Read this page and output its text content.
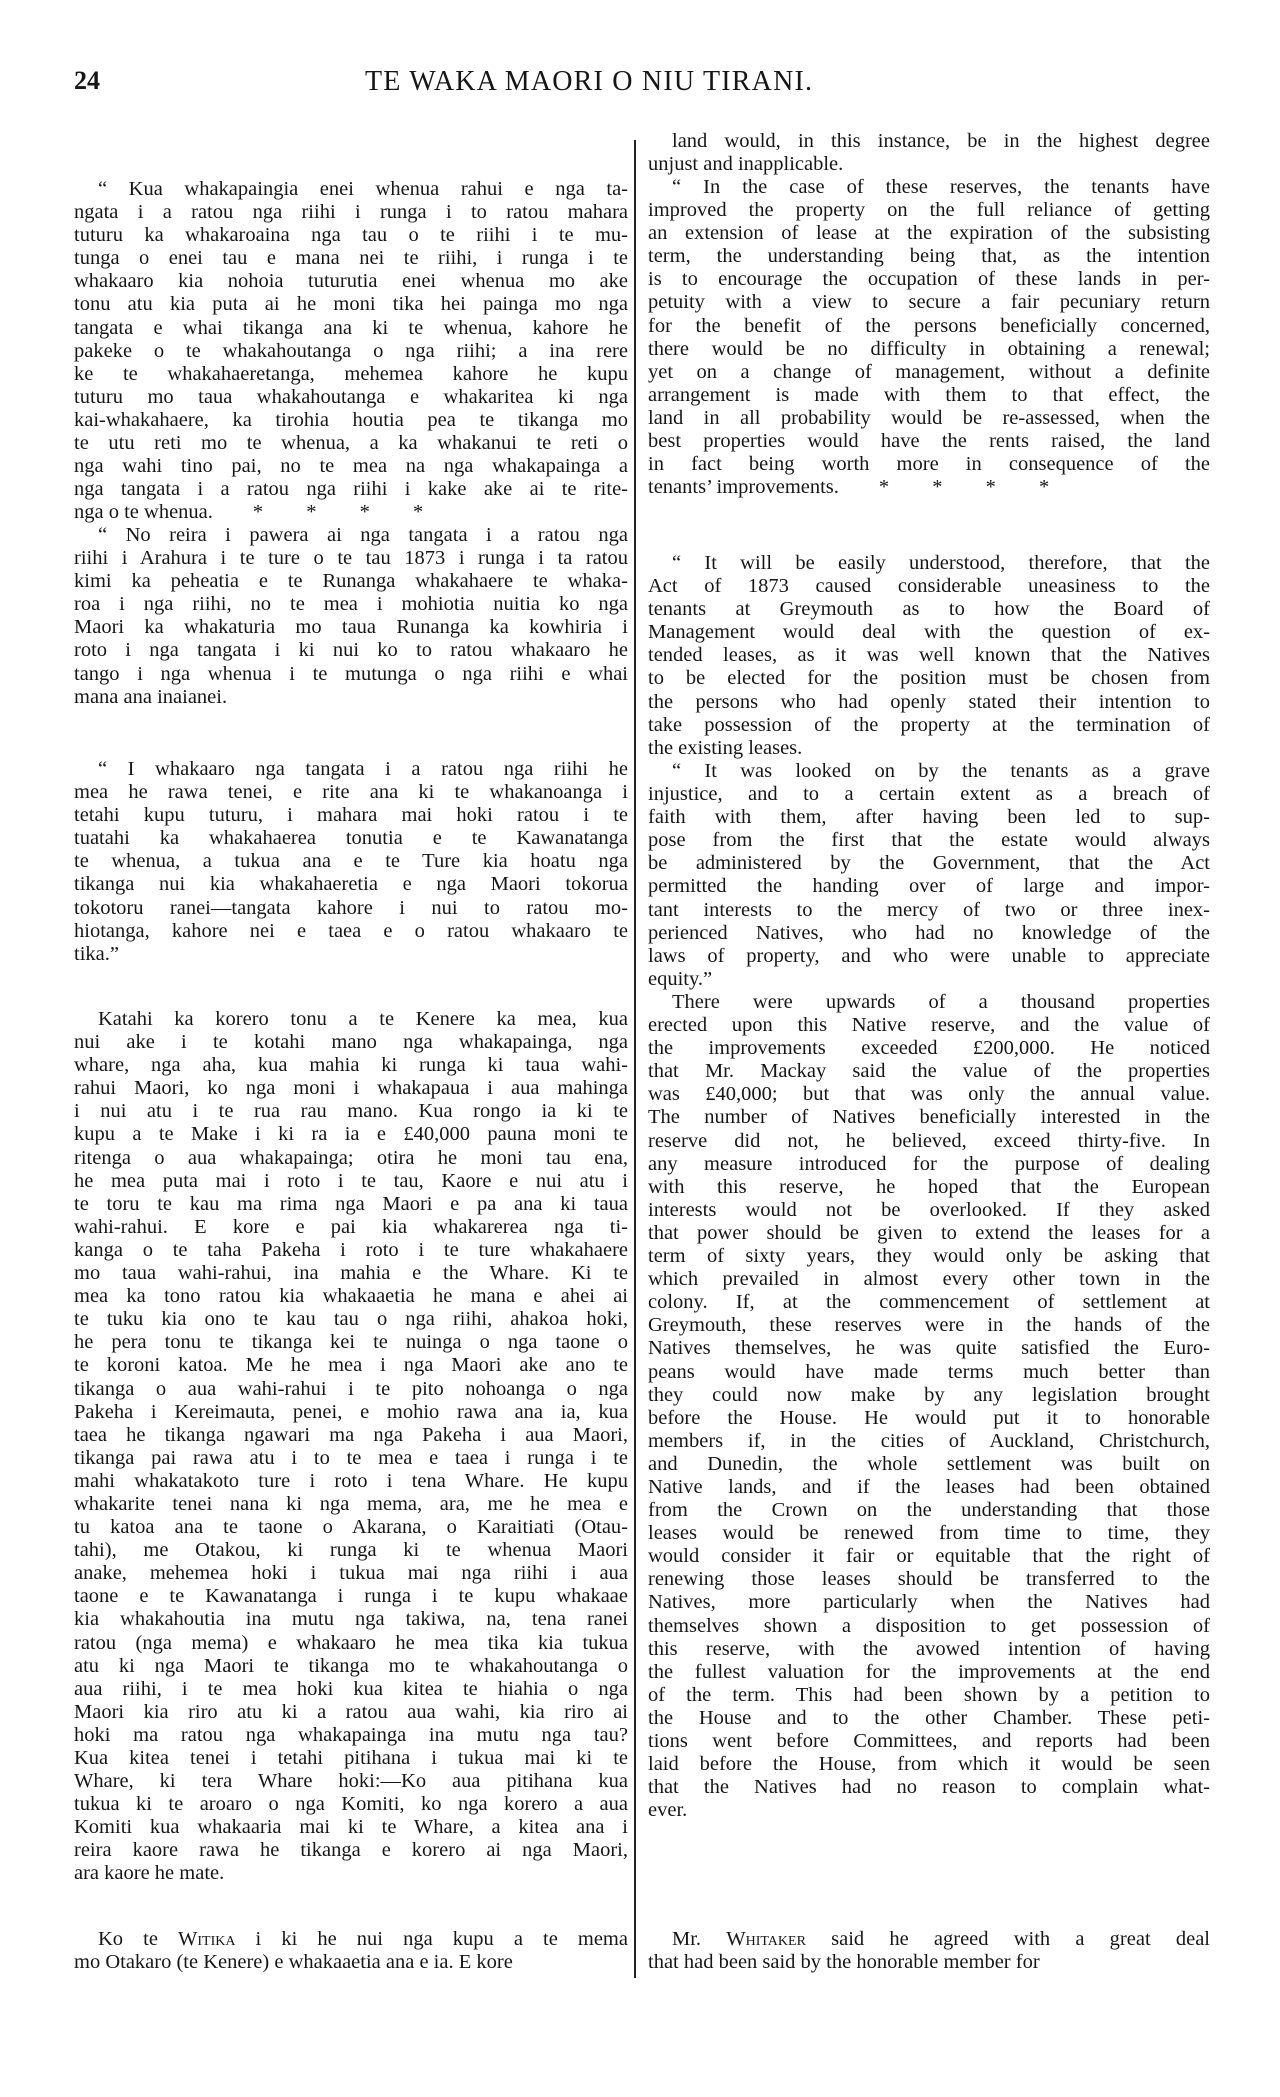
24	TE WAKA MAORI O NIU TIRANI.
“ Kua whakapaingia enei whenua rahui e nga ta-
ngata i a ratou nga riihi i runga i to ratou mahara
tuturu ka whakaroaina nga tau o te riihi i te mu-
tunga o enei tau e mana nei te riihi, i runga i te
whakaaro kia nohoia tuturutia enei whenua mo ake
tonu atu kia puta ai he moni tika hei painga mo nga
tangata e whai tikanga ana ki te whenua, kahore he
pakeke o te whakahoutanga o nga riihi; a ina rere
ke te whakahaeretanga, mehemea kahore he kupu
tuturu mo taua whakahoutanga e whakaritea ki nga
kai-whakahaere, ka tirohia houtia pea te tikanga mo
te utu reti mo te whenua, a ka whakanui te reti o
nga wahi tino pai, no te mea na nga whakapainga a
nga tangata i a ratou nga riihi i kake ake ai te rite-
nga o te whenua. * * * *
“ No reira i pawera ai nga tangata i a ratou nga
riihi i Arahura i te ture o te tau 1873 i runga i ta ratou
kimi ka peheatia e te Runanga whakahaere te whaka-
roa i nga riihi, no te mea i mohiotia nuitia ko nga
Maori ka whakaturia mo taua Runanga ka kowhiria i
roto i nga tangata i ki nui ko to ratou whakaaro he
tango i nga whenua i te mutunga o nga riihi e whai
mana ana inaianei.
“ I whakaaro nga tangata i a ratou nga riihi he
mea he rawa tenei, e rite ana ki te whakanoanga i
tetahi kupu tuturu, i mahara mai hoki ratou i te
tuatahi ka whakahaerea tonutia e te Kawanatanga
te whenua, a tukua ana e te Ture kia hoatu nga
tikanga nui kia whakahaeretia e nga Maori tokorua
tokotoru ranei—tangata kahore i nui to ratou mo-
hiotanga, kahore nei e taea e o ratou whakaaro te
tika.”
Katahi ka korero tonu a te Kenere ka mea, kua
nui ake i te kotahi mano nga whakapainga, nga
whare, nga aha, kua mahia ki runga ki taua wahi-
rahui Maori, ko nga moni i whakapaua i aua mahinga
i nui atu i te rua rau mano. Kua rongo ia ki te
kupu a te Make i ki ra ia e £40,000 pauna moni te
ritenga o aua whakapainga; otira he moni tau ena,
he mea puta mai i roto i te tau, Kaore e nui atu i
te toru te kau ma rima nga Maori e pa ana ki taua
wahi-rahui. E kore e pai kia whakarerea nga ti-
kanga o te taha Pakeha i roto i te ture whakahaere
mo taua wahi-rahui, ina mahia e the Whare. Ki te
mea ka tono ratou kia whakaaetia he mana e ahei ai
te tuku kia ono te kau tau o nga riihi, ahakoa hoki,
he pera tonu te tikanga kei te nuinga o nga taone o
te koroni katoa. Me he mea i nga Maori ake ano te
tikanga o aua wahi-rahui i te pito nohoanga o nga
Pakeha i Kereimauta, penei, e mohio rawa ana ia, kua
taea he tikanga ngawari ma nga Pakeha i aua Maori,
tikanga pai rawa atu i to te mea e taea i runga i te
mahi whakatakoto ture i roto i tena Whare. He kupu
whakarite tenei nana ki nga mema, ara, me he mea e
tu katoa ana te taone o Akarana, o Karaitiati (Otau-
tahi), me Otakou, ki runga ki te whenua Maori
anake, mehemea hoki i tukua mai nga riihi i aua
taone e te Kawanatanga i runga i te kupu whakaae
kia whakahoutia ina mutu nga takiwa, na, tena ranei
ratou (nga mema) e whakaaro he mea tika kia tukua
atu ki nga Maori te tikanga mo te whakahoutanga o
aua riihi, i te mea hoki kua kitea te hiahia o nga
Maori kia riro atu ki a ratou aua wahi, kia riro ai
hoki ma ratou nga whakapainga ina mutu nga tau?
Kua kitea tenei i tetahi pitihana i tukua mai ki te
Whare, ki tera Whare hoki:—Ko aua pitihana kua
tukua ki te aroaro o nga Komiti, ko nga korero a aua
Komiti kua whakaaria mai ki te Whare, a kitea ana i
reira kaore rawa he tikanga e korero ai nga Maori,
ara kaore he mate.
Ko te Witika i ki he nui nga kupu a te mema
mo Otakaro (te Kenere) e whakaaetia ana e ia. E kore
land would, in this instance, be in the highest degree
unjust and inapplicable.
“ In the case of these reserves, the tenants have
improved the property on the full reliance of getting
an extension of lease at the expiration of the subsisting
term, the understanding being that, as the intention
is to encourage the occupation of these lands in per-
petuity with a view to secure a fair pecuniary return
for the benefit of the persons beneficially concerned,
there would be no difficulty in obtaining a renewal;
yet on a change of management, without a definite
arrangement is made with them to that effect, the
land in all probability would be re-assessed, when the
best properties would have the rents raised, the land
in fact being worth more in consequence of the
tenants’ improvements. * * * *
“ It will be easily understood, therefore, that the
Act of 1873 caused considerable uneasiness to the
tenants at Greymouth as to how the Board of
Management would deal with the question of ex-
tended leases, as it was well known that the Natives
to be elected for the position must be chosen from
the persons who had openly stated their intention to
take possession of the property at the termination of
the existing leases.
“ It was looked on by the tenants as a grave
injustice, and to a certain extent as a breach of
faith with them, after having been led to sup-
pose from the first that the estate would always
be administered by the Government, that the Act
permitted the handing over of large and impor-
tant interests to the mercy of two or three inex-
perienced Natives, who had no knowledge of the
laws of property, and who were unable to appreciate
equity.”
There were upwards of a thousand properties
erected upon this Native reserve, and the value of
the improvements exceeded £200,000. He noticed
that Mr. Mackay said the value of the properties
was £40,000; but that was only the annual value.
The number of Natives beneficially interested in the
reserve did not, he believed, exceed thirty-five. In
any measure introduced for the purpose of dealing
with this reserve, he hoped that the European
interests would not be overlooked. If they asked
that power should be given to extend the leases for a
term of sixty years, they would only be asking that
which prevailed in almost every other town in the
colony. If, at the commencement of settlement at
Greymouth, these reserves were in the hands of the
Natives themselves, he was quite satisfied the Euro-
peans would have made terms much better than
they could now make by any legislation brought
before the House. He would put it to honorable
members if, in the cities of Auckland, Christchurch,
and Dunedin, the whole settlement was built on
Native lands, and if the leases had been obtained
from the Crown on the understanding that those
leases would be renewed from time to time, they
would consider it fair or equitable that the right of
renewing those leases should be transferred to the
Natives, more particularly when the Natives had
themselves shown a disposition to get possession of
this reserve, with the avowed intention of having
the fullest valuation for the improvements at the end
of the term. This had been shown by a petition to
the House and to the other Chamber. These peti-
tions went before Committees, and reports had been
laid before the House, from which it would be seen
that the Natives had no reason to complain what-
ever.
Mr. Whitaker said he agreed with a great deal
that had been said by the honorable member for
